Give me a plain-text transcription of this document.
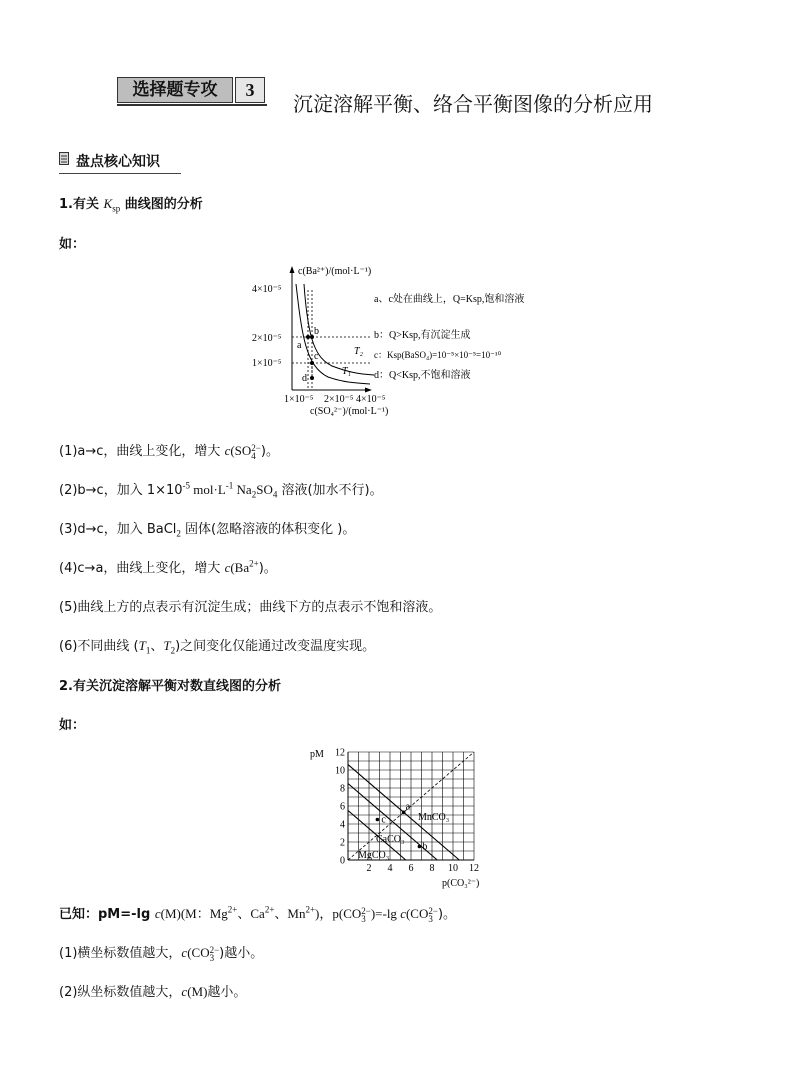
选择题专攻	3
沉淀溶解平衡、络合平衡图像的分析应用
盘点核心知识
1.有关 $K_{sp}$ 曲线图的分析
如：
c(Ba²⁺)/(mol·L⁻¹)
c(SO₄²⁻)/(mol·L⁻¹)
4×10⁻⁵
2×10⁻⁵
1×10⁻⁵
1×10⁻⁵ 2×10⁻⁵ 4×10⁻⁵
T₂
T₁
a
b
c
d
a、c处在曲线上，Q=Ksp,饱和溶液
b：Q>Ksp,有沉淀生成
c：Ksp(BaSO₄)=10⁻⁵×10⁻⁵=10⁻¹⁰
d：Q<Ksp,不饱和溶液
(1)a→c，曲线上变化，增大 c(SO 2−
4 )。
(2)b→c，加入 $1\times 10^{-5}$ $mol\cdot L^{-1}$ $Na_2SO_4$ 溶液(加水不行)。
(3)d→c，加入 BaCl$_2$ 固体(忽略溶液的体积变化 )。
(4)c→a，曲线上变化，增大 $c(Ba^{2+})$。
(5)曲线上方的点表示有沉淀生成；曲线下方的点表示不饱和溶液。
(6)不同曲线 ($T_1$、$T_2$)之间变化仅能通过改变温度实现。
2.有关沉淀溶解平衡对数直线图的分析
如：
2 4 6 8 10 12
0
2
4
6
8
10
12
MnCO₃
CaCO₃
MgCO₃
a
b
c
pM
p(CO₃²⁻)
已知：pM=-lg c(M)(M：$Mg^{2+}$、$Ca^{2+}$、$Mn^{2+}$)，p(CO 2−
3 )=-lg c(CO 2−
3 )。
(1)横坐标数值越大，c(CO 2−
3 )越小。
(2)纵坐标数值越大，c(M)越小。
